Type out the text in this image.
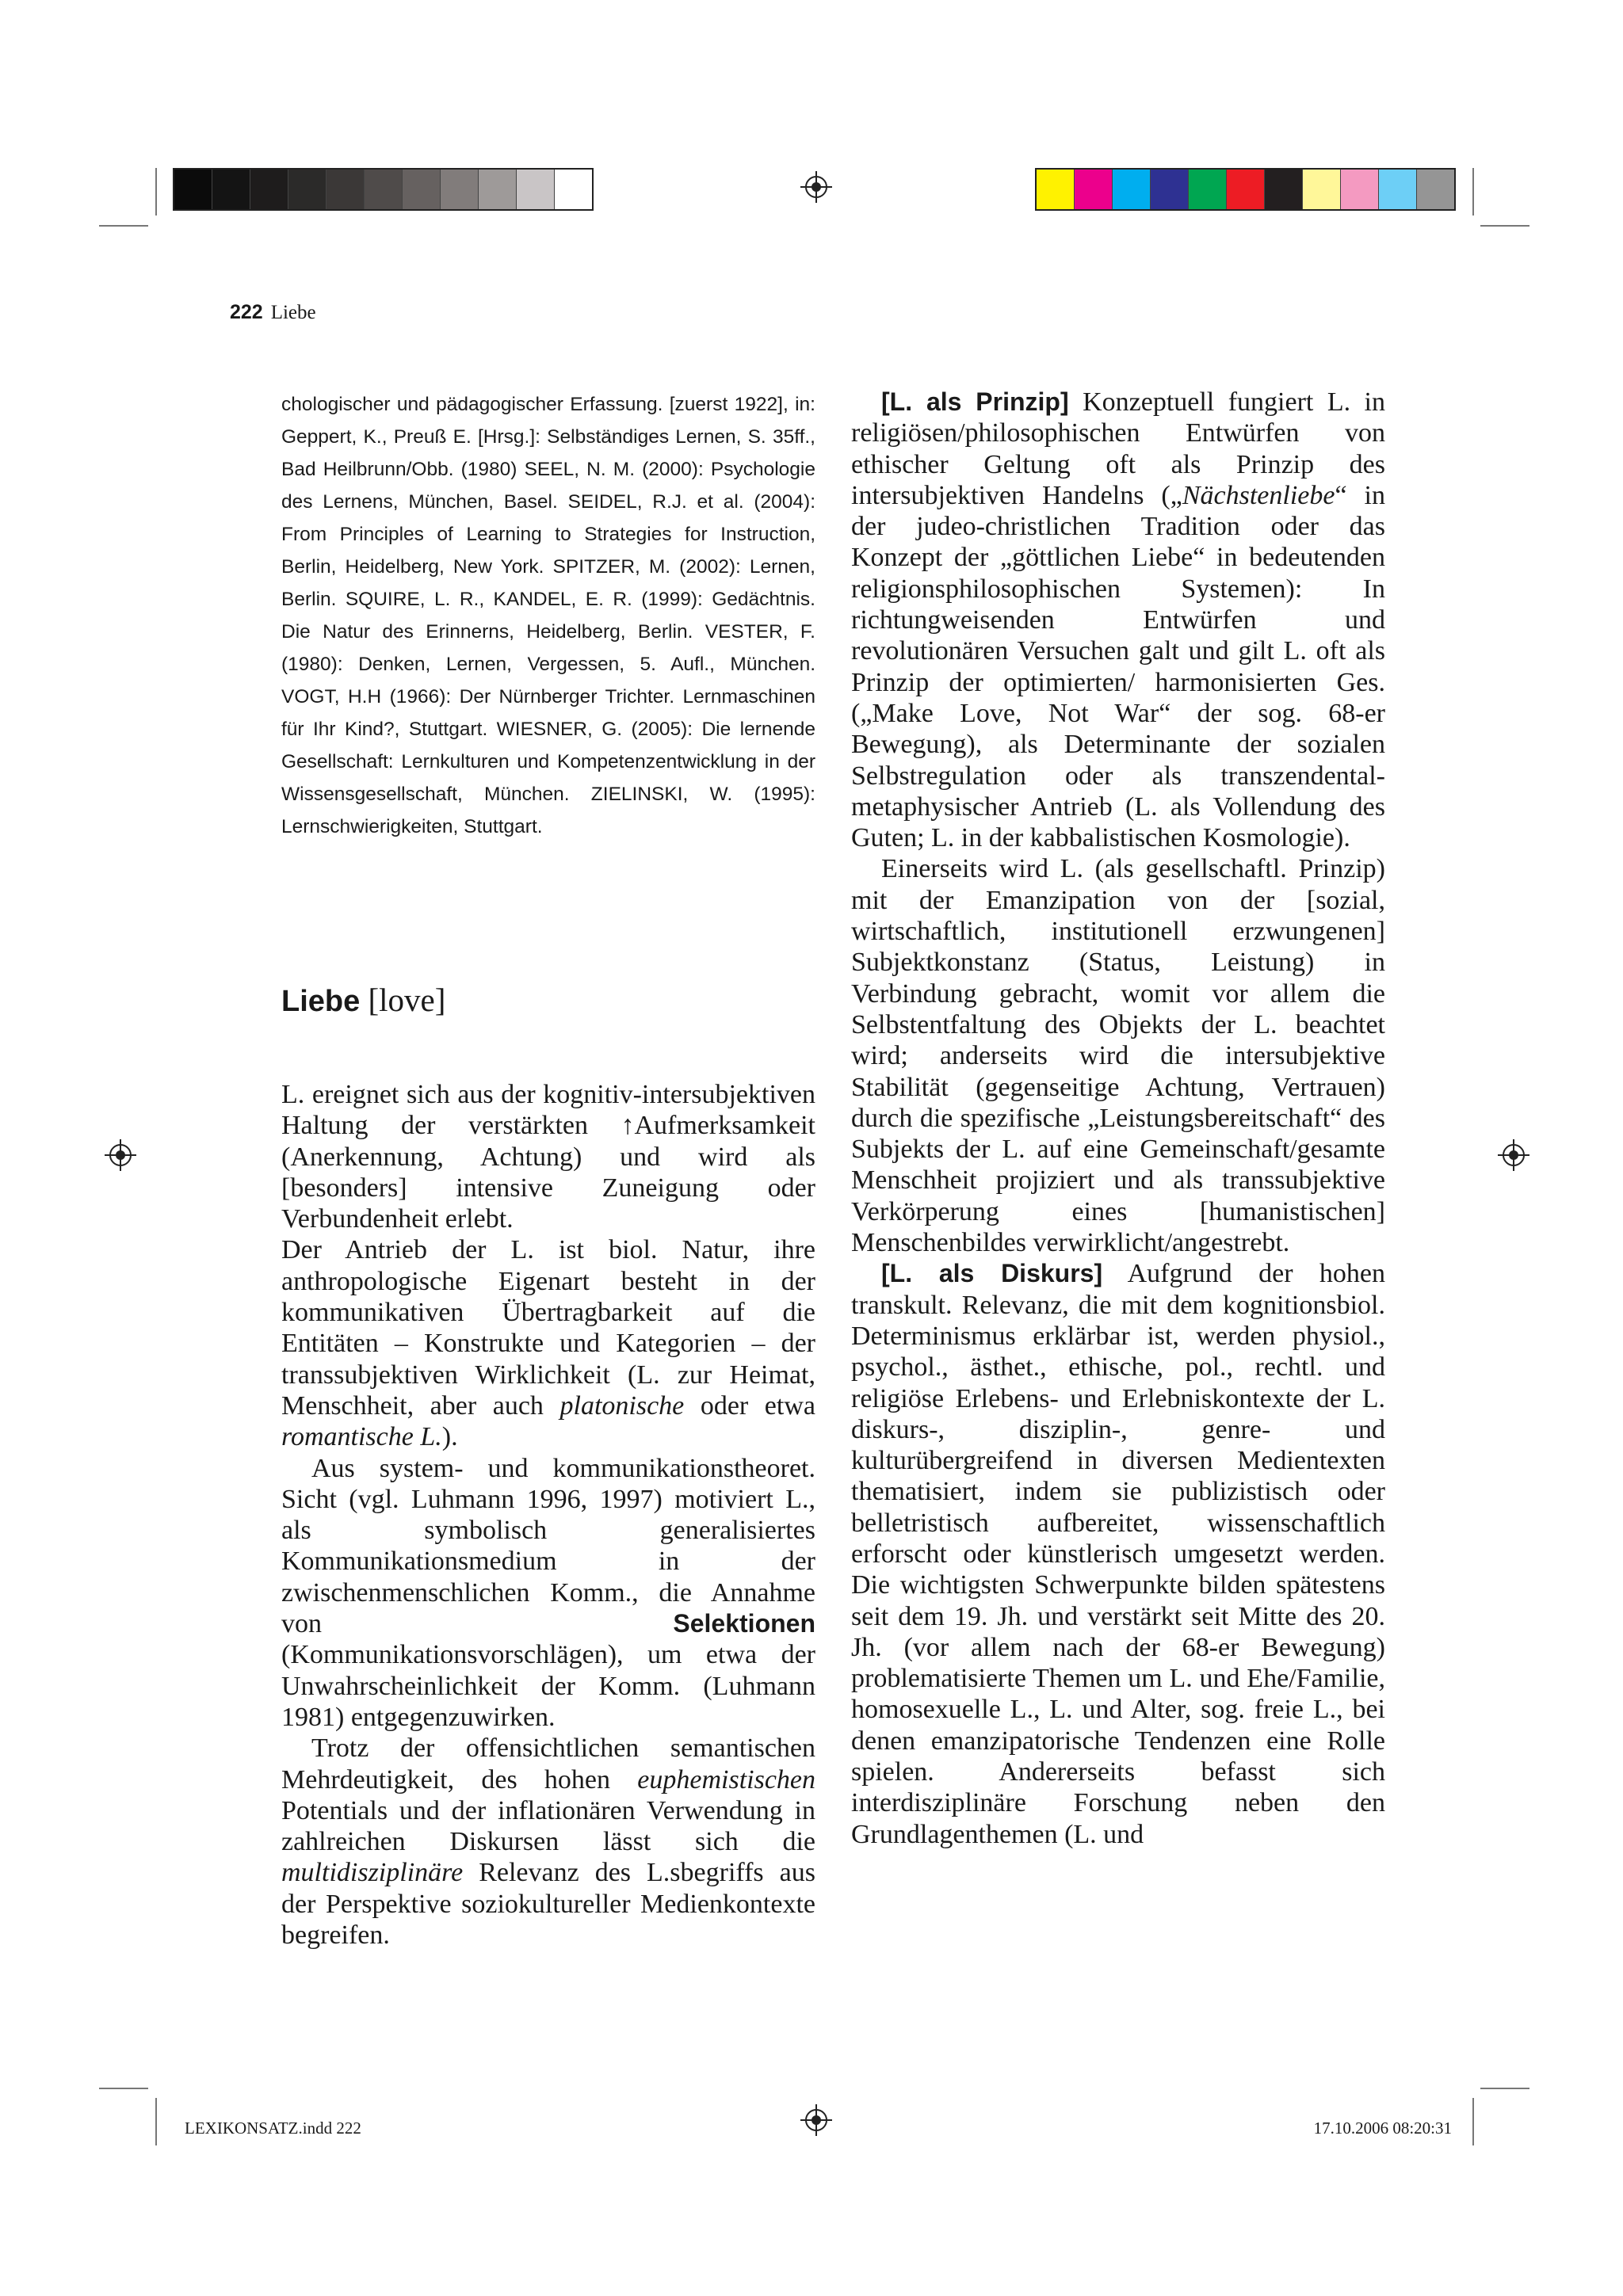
222 Liebe

chologischer und pädagogischer Erfassung. [zuerst 1922], in: Geppert, K., Preuß E. [Hrsg.]: Selbständiges Lernen, S. 35ff., Bad Heilbrunn/Obb. (1980) SEEL, N. M. (2000): Psychologie des Lernens, München, Basel. SEIDEL, R.J. et al. (2004): From Principles of Learning to Strategies for Instruction, Berlin, Heidelberg, New York. SPITZER, M. (2002): Lernen, Berlin. SQUIRE, L. R., KANDEL, E. R. (1999): Gedächtnis. Die Natur des Erinnerns, Heidelberg, Berlin. VESTER, F. (1980): Denken, Lernen, Vergessen, 5. Aufl., München. VOGT, H.H (1966): Der Nürnberger Trichter. Lernmaschinen für Ihr Kind?, Stuttgart. WIESNER, G. (2005): Die lernende Gesellschaft: Lernkulturen und Kompetenzentwicklung in der Wissensgesellschaft, München. ZIELINSKI, W. (1995): Lernschwierigkeiten, Stuttgart.

Liebe [love]

L. ereignet sich aus der kognitiv-intersubjektiven Haltung der verstärkten ↑Aufmerksamkeit (Anerkennung, Achtung) und wird als [besonders] intensive Zuneigung oder Verbundenheit erlebt.

Der Antrieb der L. ist biol. Natur, ihre anthropologische Eigenart besteht in der kommunikativen Übertragbarkeit auf die Entitäten – Konstrukte und Kategorien – der transsubjektiven Wirklichkeit (L. zur Heimat, Menschheit, aber auch platonische oder etwa romantische L.).

Aus system- und kommunikationstheoret. Sicht (vgl. Luhmann 1996, 1997) motiviert L., als symbolisch generalisiertes Kommunikationsmedium in der zwischenmenschlichen Komm., die Annahme von Selektionen (Kommunikationsvorschlägen), um etwa der Unwahrscheinlichkeit der Komm. (Luhmann 1981) entgegenzuwirken.

Trotz der offensichtlichen semantischen Mehrdeutigkeit, des hohen euphemistischen Potentials und der inflationären Verwendung in zahlreichen Diskursen lässt sich die multidisziplinäre Relevanz des L.sbegriffs aus der Perspektive soziokultureller Medienkontexte begreifen.

[L. als Prinzip] Konzeptuell fungiert L. in religiösen/philosophischen Entwürfen von ethischer Geltung oft als Prinzip des intersubjektiven Handelns („Nächstenliebe“ in der judeo-christlichen Tradition oder das Konzept der „göttlichen Liebe“ in bedeutenden religionsphilosophischen Systemen): In richtungweisenden Entwürfen und revolutionären Versuchen galt und gilt L. oft als Prinzip der optimierten/ harmonisierten Ges. („Make Love, Not War“ der sog. 68-er Bewegung), als Determinante der sozialen Selbstregulation oder als transzendental-metaphysischer Antrieb (L. als Vollendung des Guten; L. in der kabbalistischen Kosmologie).

Einerseits wird L. (als gesellschaftl. Prinzip) mit der Emanzipation von der [sozial, wirtschaftlich, institutionell erzwungenen] Subjektkonstanz (Status, Leistung) in Verbindung gebracht, womit vor allem die Selbstentfaltung des Objekts der L. beachtet wird; anderseits wird die intersubjektive Stabilität (gegenseitige Achtung, Vertrauen) durch die spezifische „Leistungsbereitschaft“ des Subjekts der L. auf eine Gemeinschaft/gesamte Menschheit projiziert und als transsubjektive Verkörperung eines [humanistischen] Menschenbildes verwirklicht/angestrebt.

[L. als Diskurs] Aufgrund der hohen transkult. Relevanz, die mit dem kognitionsbiol. Determinismus erklärbar ist, werden physiol., psychol., ästhet., ethische, pol., rechtl. und religiöse Erlebens- und Erlebniskontexte der L. diskurs-, disziplin-, genre- und kulturübergreifend in diversen Medientexten thematisiert, indem sie publizistisch oder belletristisch aufbereitet, wissenschaftlich erforscht oder künstlerisch umgesetzt werden. Die wichtigsten Schwerpunkte bilden spätestens seit dem 19. Jh. und verstärkt seit Mitte des 20. Jh. (vor allem nach der 68-er Bewegung) problematisierte Themen um L. und Ehe/Familie, homosexuelle L., L. und Alter, sog. freie L., bei denen emanzipatorische Tendenzen eine Rolle spielen. Andererseits befasst sich interdisziplinäre Forschung neben den Grundlagenthemen (L. und

LEXIKONSATZ.indd 222	17.10.2006 08:20:31
